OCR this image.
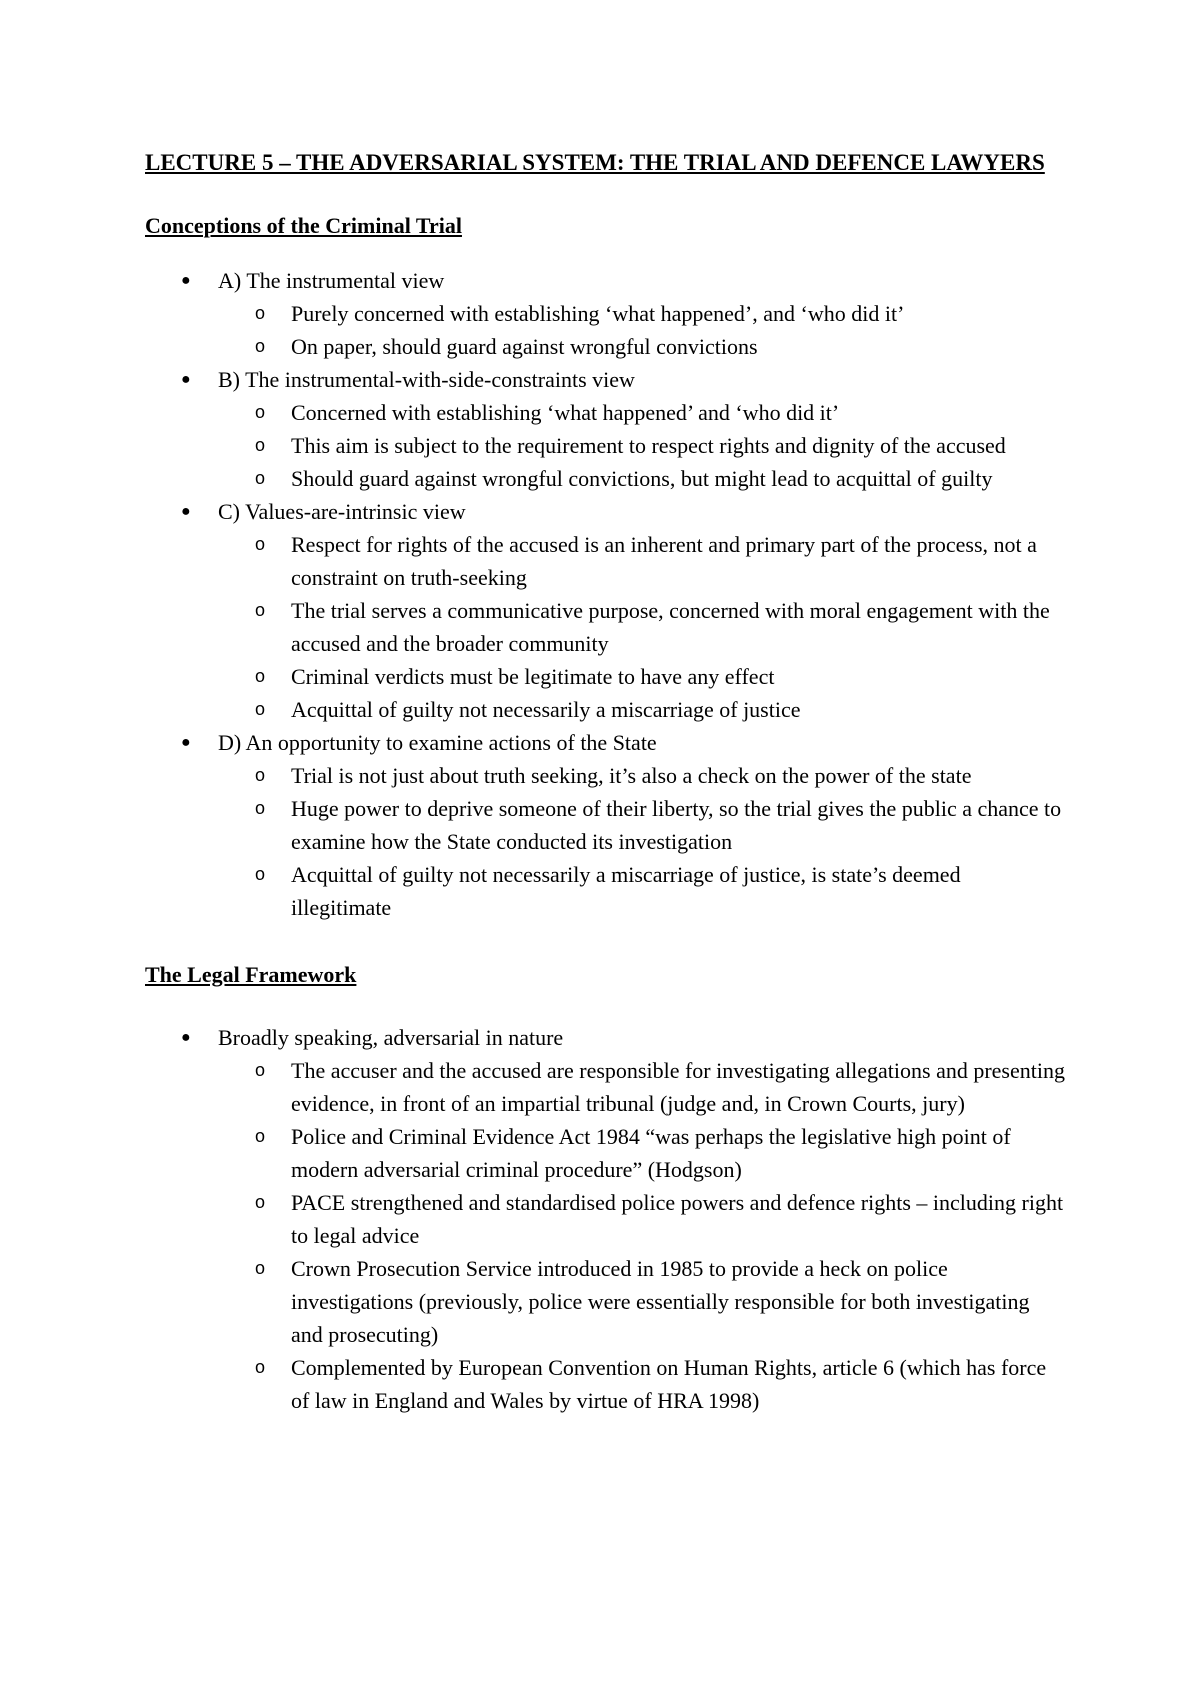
LECTURE 5 – THE ADVERSARIAL SYSTEM: THE TRIAL AND DEFENCE LAWYERS
Conceptions of the Criminal Trial
● A) The instrumental view
o Purely concerned with establishing ‘what happened’, and ‘who did it’
o On paper, should guard against wrongful convictions
● B) The instrumental-with-side-constraints view
o Concerned with establishing ‘what happened’ and ‘who did it’
o This aim is subject to the requirement to respect rights and dignity of the accused
o Should guard against wrongful convictions, but might lead to acquittal of guilty
● C) Values-are-intrinsic view
o Respect for rights of the accused is an inherent and primary part of the process, not a constraint on truth-seeking
o The trial serves a communicative purpose, concerned with moral engagement with the accused and the broader community
o Criminal verdicts must be legitimate to have any effect
o Acquittal of guilty not necessarily a miscarriage of justice
● D) An opportunity to examine actions of the State
o Trial is not just about truth seeking, it’s also a check on the power of the state
o Huge power to deprive someone of their liberty, so the trial gives the public a chance to examine how the State conducted its investigation
o Acquittal of guilty not necessarily a miscarriage of justice, is state’s deemed illegitimate
The Legal Framework
● Broadly speaking, adversarial in nature
o The accuser and the accused are responsible for investigating allegations and presenting evidence, in front of an impartial tribunal (judge and, in Crown Courts, jury)
o Police and Criminal Evidence Act 1984 “was perhaps the legislative high point of modern adversarial criminal procedure” (Hodgson)
o PACE strengthened and standardised police powers and defence rights – including right to legal advice
o Crown Prosecution Service introduced in 1985 to provide a heck on police investigations (previously, police were essentially responsible for both investigating and prosecuting)
o Complemented by European Convention on Human Rights, article 6 (which has force of law in England and Wales by virtue of HRA 1998)
